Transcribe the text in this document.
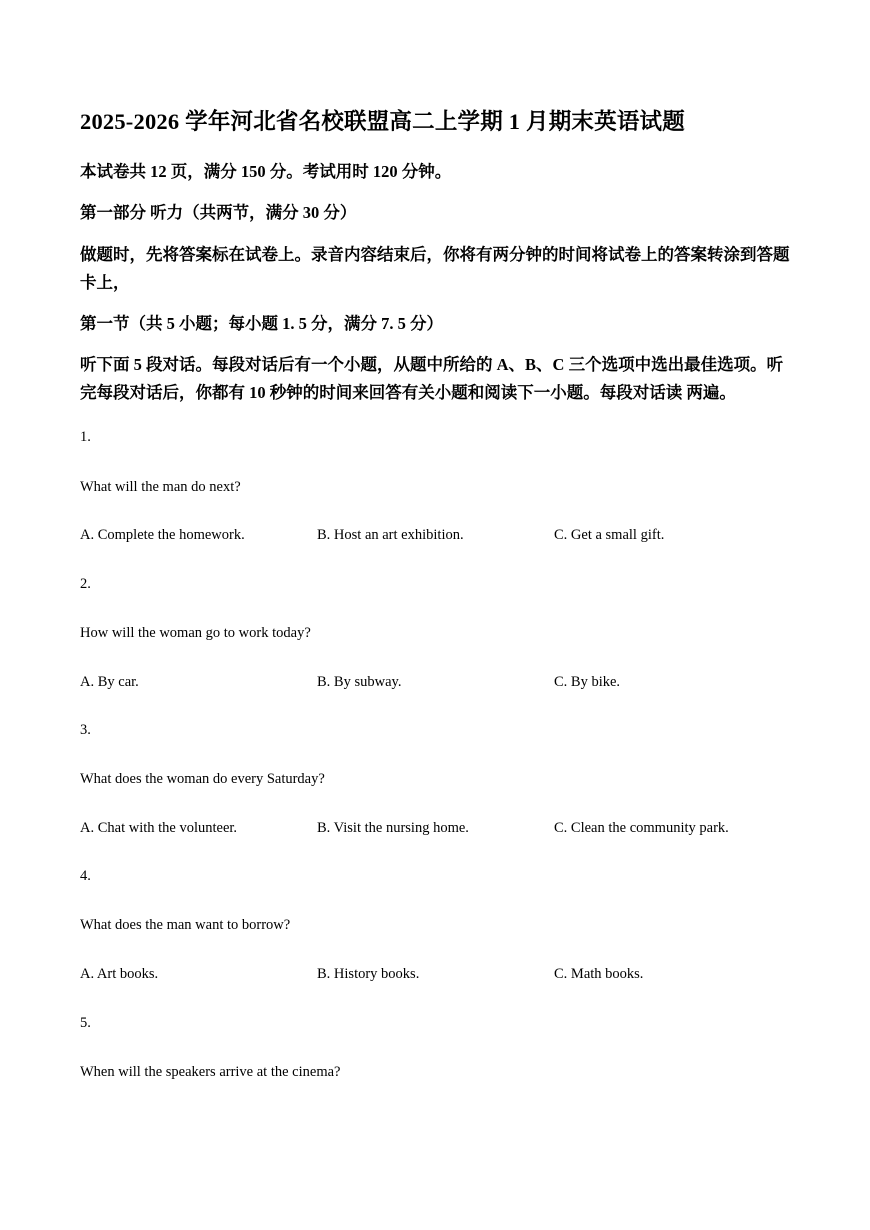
2025-2026 学年河北省名校联盟高二上学期 1 月期末英语试题
本试卷共 12 页，满分 150 分。考试用时 120 分钟。
第一部分 听力（共两节，满分 30 分）
做题时，先将答案标在试卷上。录音内容结束后，你将有两分钟的时间将试卷上的答案转涂到答题卡上，
第一节（共 5 小题；每小题 1. 5 分，满分 7. 5 分）
听下面 5 段对话。每段对话后有一个小题，从题中所给的 A、B、C 三个选项中选出最佳选项。听完每段对话后，你都有 10 秒钟的时间来回答有关小题和阅读下一小题。每段对话读 两遍。
1.
What will the man do next?
A. Complete the homework.	B. Host an art exhibition.	C. Get a small gift.
2.
How will the woman go to work today?
A. By car.	B. By subway.	C. By bike.
3.
What does the woman do every Saturday?
A. Chat with the volunteer.	B. Visit the nursing home.	C. Clean the community park.
4.
What does the man want to borrow?
A. Art books.	B. History books.	C. Math books.
5.
When will the speakers arrive at the cinema?
